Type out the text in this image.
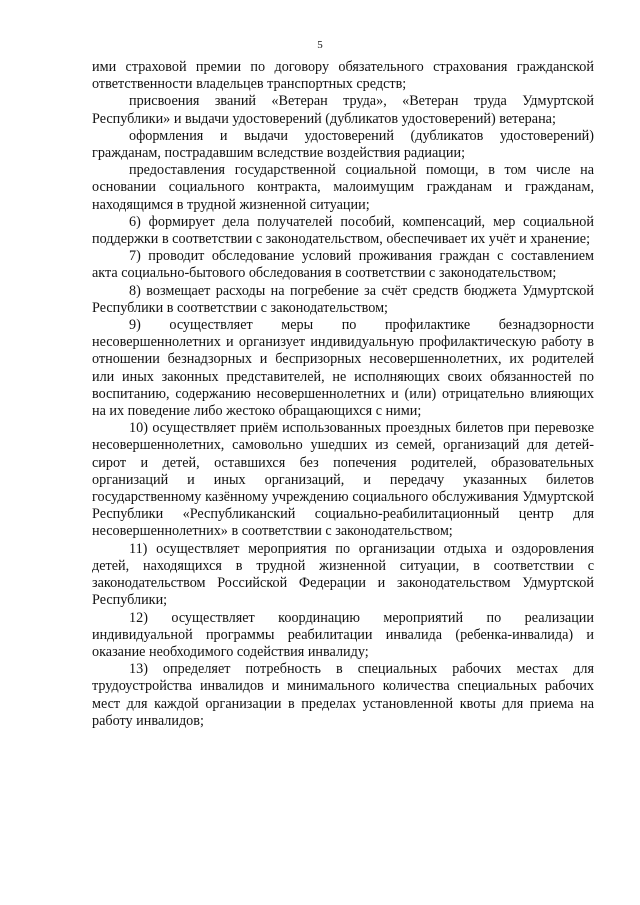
5

ими страховой премии по договору обязательного страхования гражданской ответственности владельцев транспортных средств;

присвоения званий «Ветеран труда», «Ветеран труда Удмуртской Республики» и выдачи удостоверений (дубликатов удостоверений) ветерана;

оформления и выдачи удостоверений (дубликатов удостоверений) гражданам, пострадавшим вследствие воздействия радиации;

предоставления государственной социальной помощи, в том числе на основании социального контракта, малоимущим гражданам и гражданам, находящимся в трудной жизненной ситуации;

6) формирует дела получателей пособий, компенсаций, мер социальной поддержки в соответствии с законодательством, обеспечивает их учёт и хранение;

7) проводит обследование условий проживания граждан с составлением акта социально-бытового обследования в соответствии с законодательством;

8) возмещает расходы на погребение за счёт средств бюджета Удмуртской Республики в соответствии с законодательством;

9) осуществляет меры по профилактике безнадзорности несовершеннолетних и организует индивидуальную профилактическую работу в отношении безнадзорных и беспризорных несовершеннолетних, их родителей или иных законных представителей, не исполняющих своих обязанностей по воспитанию, содержанию несовершеннолетних и (или) отрицательно влияющих на их поведение либо жестоко обращающихся с ними;

10) осуществляет приём использованных проездных билетов при перевозке несовершеннолетних, самовольно ушедших из семей, организаций для детей-сирот и детей, оставшихся без попечения родителей, образовательных организаций и иных организаций, и передачу указанных билетов государственному казённому учреждению социального обслуживания Удмуртской Республики «Республиканский социально-реабилитационный центр для несовершеннолетних» в соответствии с законодательством;

11) осуществляет мероприятия по организации отдыха и оздоровления детей, находящихся в трудной жизненной ситуации, в соответствии с законодательством Российской Федерации и законодательством Удмуртской Республики;

12) осуществляет координацию мероприятий по реализации индивидуальной программы реабилитации инвалида (ребенка-инвалида) и оказание необходимого содействия инвалиду;

13) определяет потребность в специальных рабочих местах для трудоустройства инвалидов и минимального количества специальных рабочих мест для каждой организации в пределах установленной квоты для приема на работу инвалидов;
